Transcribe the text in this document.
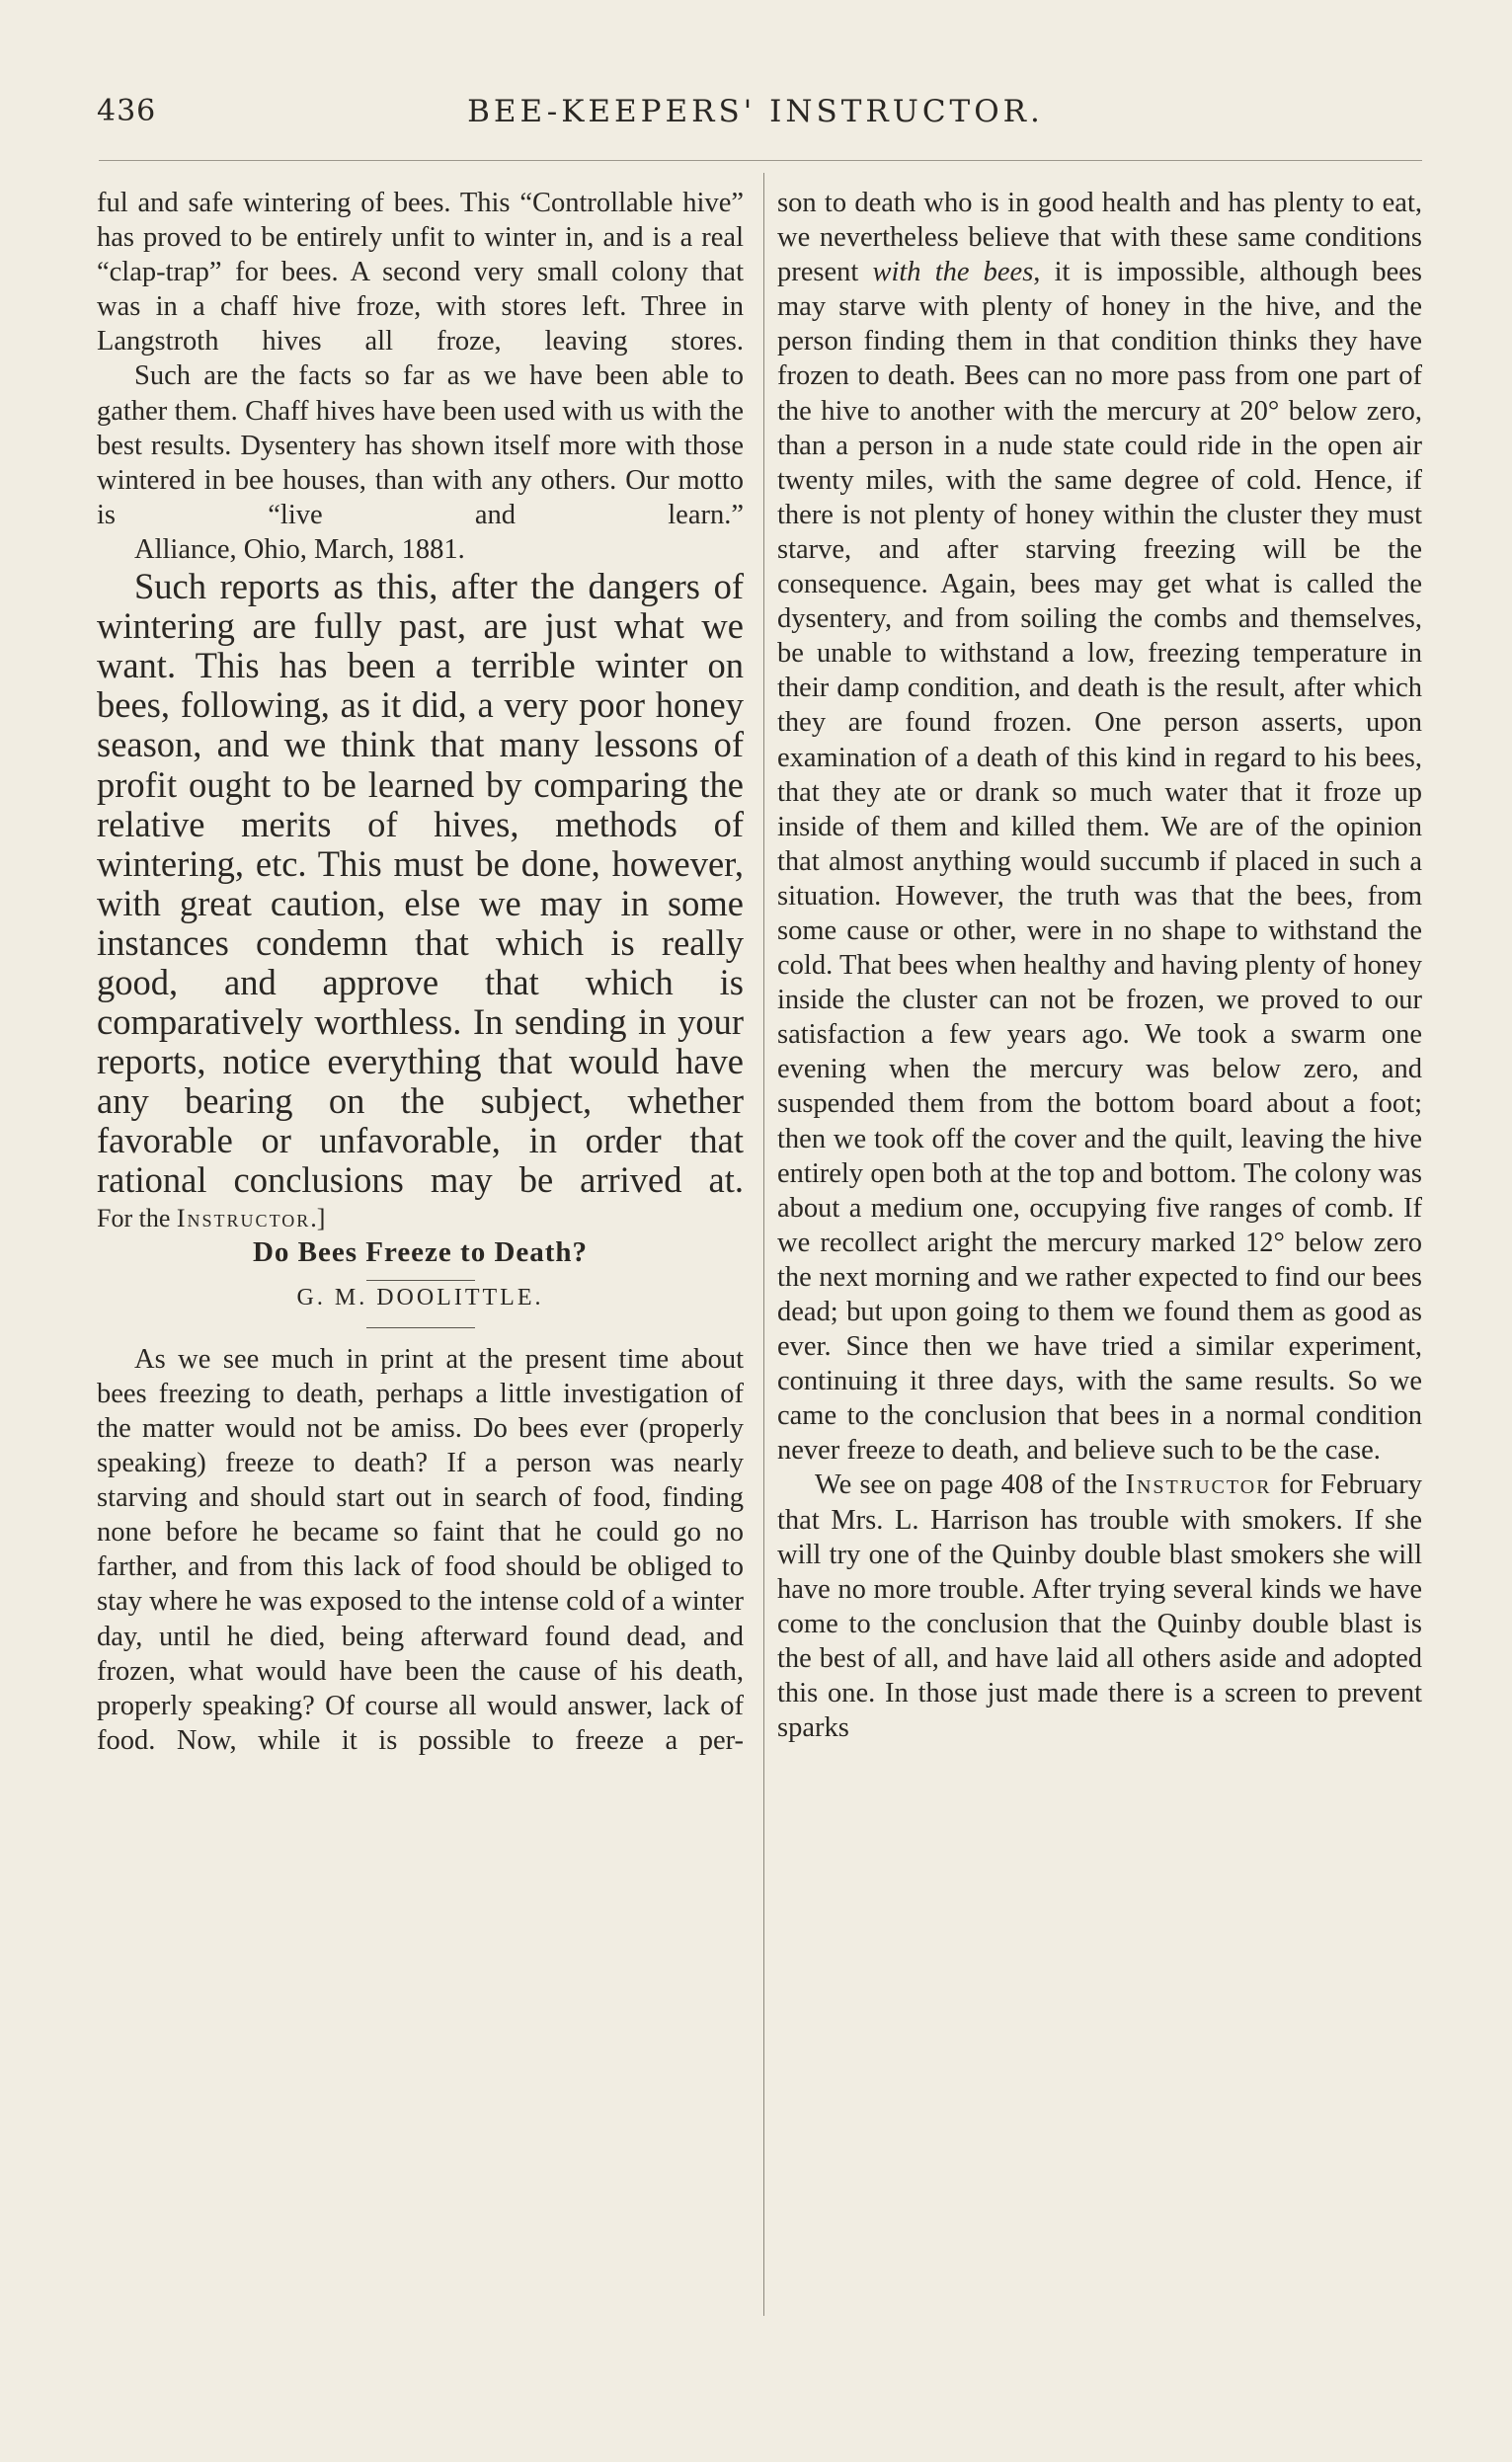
436	BEE-KEEPERS' INSTRUCTOR.

ful and safe wintering of bees. This “Controllable hive” has proved to be entirely unfit to winter in, and is a real “clap-trap” for bees. A second very small colony that was in a chaff hive froze, with stores left. Three in Langstroth hives all froze, leaving stores.

Such are the facts so far as we have been able to gather them. Chaff hives have been used with us with the best results. Dysentery has shown itself more with those wintered in bee houses, than with any others. Our motto is “live and learn.”

Alliance, Ohio, March, 1881.

Such reports as this, after the dangers of wintering are fully past, are just what we want. This has been a terrible winter on bees, following, as it did, a very poor honey season, and we think that many lessons of profit ought to be learned by comparing the relative merits of hives, methods of wintering, etc. This must be done, however, with great caution, else we may in some instances condemn that which is really good, and approve that which is comparatively worthless. In sending in your reports, notice everything that would have any bearing on the subject, whether favorable or unfavorable, in order that rational conclusions may be arrived at.

For the Instructor.]

Do Bees Freeze to Death?

G. M. DOOLITTLE.

As we see much in print at the present time about bees freezing to death, perhaps a little investigation of the matter would not be amiss. Do bees ever (properly speaking) freeze to death? If a person was nearly starving and should start out in search of food, finding none before he became so faint that he could go no farther, and from this lack of food should be obliged to stay where he was exposed to the intense cold of a winter day, until he died, being afterward found dead, and frozen, what would have been the cause of his death, properly speaking? Of course all would answer, lack of food. Now, while it is possible to freeze a per-

son to death who is in good health and has plenty to eat, we nevertheless believe that with these same conditions present with the bees, it is impossible, although bees may starve with plenty of honey in the hive, and the person finding them in that condition thinks they have frozen to death. Bees can no more pass from one part of the hive to another with the mercury at 20° below zero, than a person in a nude state could ride in the open air twenty miles, with the same degree of cold. Hence, if there is not plenty of honey within the cluster they must starve, and after starving freezing will be the consequence. Again, bees may get what is called the dysentery, and from soiling the combs and themselves, be unable to withstand a low, freezing temperature in their damp condition, and death is the result, after which they are found frozen. One person asserts, upon examination of a death of this kind in regard to his bees, that they ate or drank so much water that it froze up inside of them and killed them. We are of the opinion that almost anything would succumb if placed in such a situation. However, the truth was that the bees, from some cause or other, were in no shape to withstand the cold. That bees when healthy and having plenty of honey inside the cluster can not be frozen, we proved to our satisfaction a few years ago. We took a swarm one evening when the mercury was below zero, and suspended them from the bottom board about a foot; then we took off the cover and the quilt, leaving the hive entirely open both at the top and bottom. The colony was about a medium one, occupying five ranges of comb. If we recollect aright the mercury marked 12° below zero the next morning and we rather expected to find our bees dead; but upon going to them we found them as good as ever. Since then we have tried a similar experiment, continuing it three days, with the same results. So we came to the conclusion that bees in a normal condition never freeze to death, and believe such to be the case.

We see on page 408 of the Instructor for February that Mrs. L. Harrison has trouble with smokers. If she will try one of the Quinby double blast smokers she will have no more trouble. After trying several kinds we have come to the conclusion that the Quinby double blast is the best of all, and have laid all others aside and adopted this one. In those just made there is a screen to prevent sparks
